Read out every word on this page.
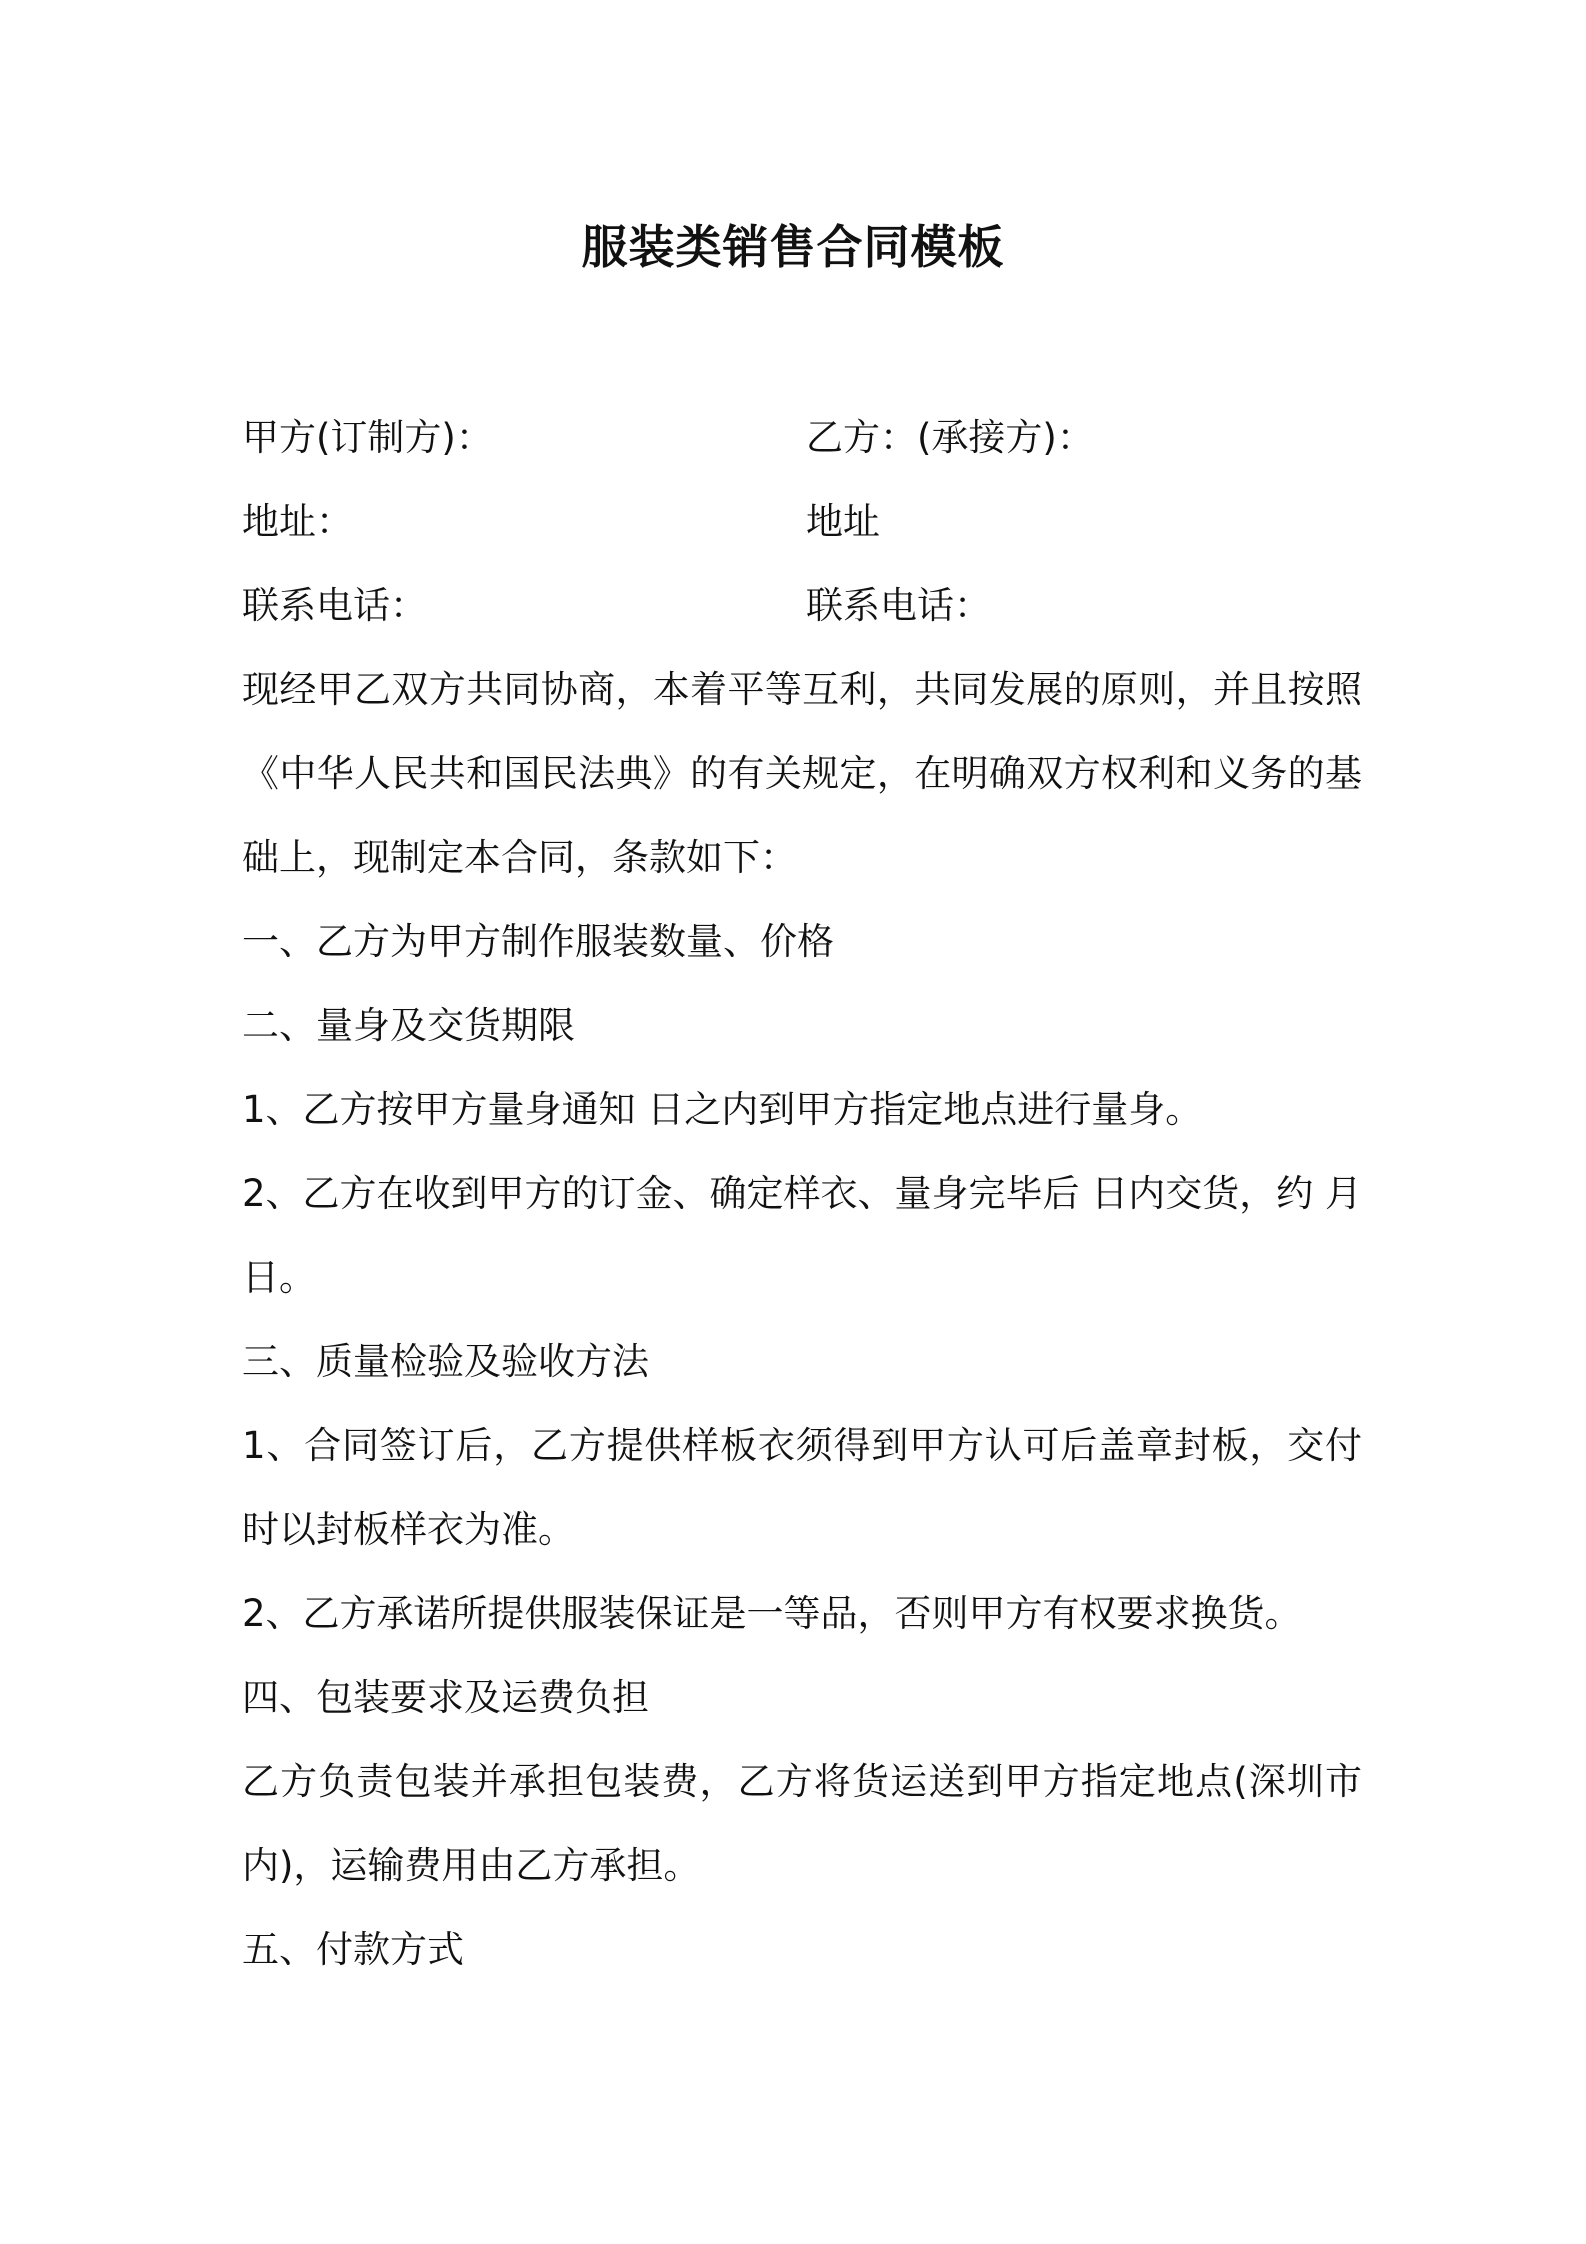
服装类销售合同模板
甲方(订制方)：	乙方：(承接方)：
地址：	地址
联系电话：	联系电话：
现经甲乙双方共同协商，本着平等互利，共同发展的原则，并且按照
《中华人民共和国民法典》的有关规定，在明确双方权利和义务的基
础上，现制定本合同，条款如下：
一、乙方为甲方制作服装数量、价格
二、量身及交货期限
1、乙方按甲方量身通知 日之内到甲方指定地点进行量身。
2、乙方在收到甲方的订金、确定样衣、量身完毕后 日内交货，约 月
日。
三、质量检验及验收方法
1、合同签订后，乙方提供样板衣须得到甲方认可后盖章封板，交付
时以封板样衣为准。
2、乙方承诺所提供服装保证是一等品，否则甲方有权要求换货。
四、包装要求及运费负担
乙方负责包装并承担包装费，乙方将货运送到甲方指定地点(深圳市
内)，运输费用由乙方承担。
五、付款方式
